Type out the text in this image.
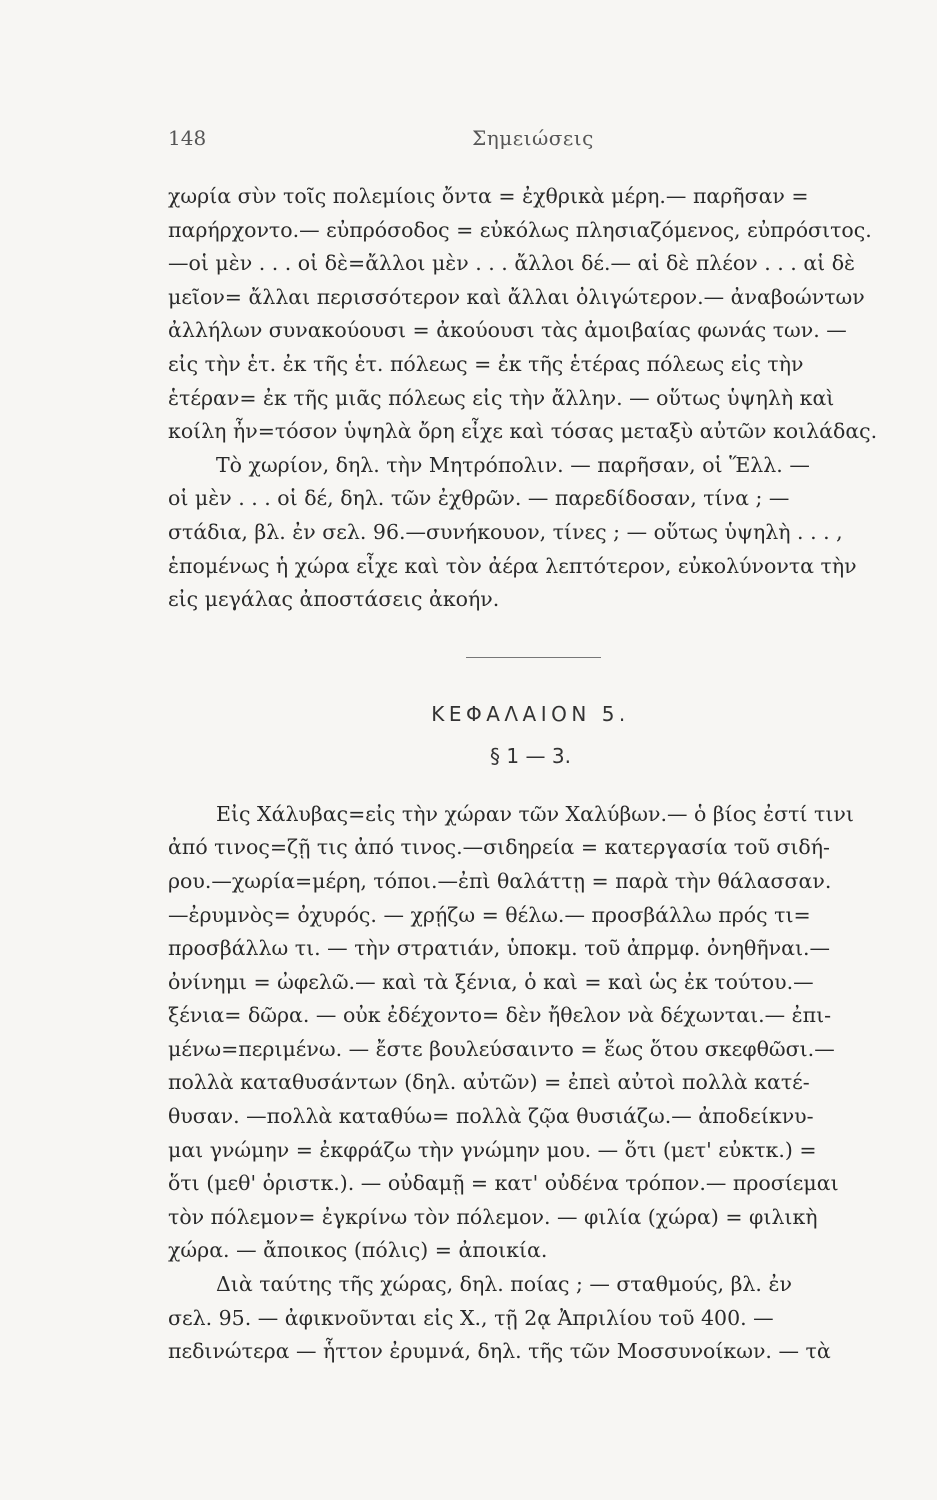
148	Σημειώσεις

χωρία σὺν τοῖς πολεμίοις ὄντα = ἐχθρικὰ μέρη.— παρῆσαν =

παρήρχοντο.— εὐπρόσοδος = εὐκόλως πλησιαζόμενος, εὐπρόσιτος.

—οἱ μὲν . . . οἱ δὲ=ἄλλοι μὲν . . . ἄλλοι δέ.— αἱ δὲ πλέον . . . αἱ δὲ

μεῖον= ἄλλαι περισσότερον καὶ ἄλλαι ὀλιγώτερον.— ἀναβοώντων

ἀλλήλων συνακούουσι = ἀκούουσι τὰς ἀμοιβαίας φωνάς των. —

εἰς τὴν ἑτ. ἐκ τῆς ἑτ. πόλεως = ἐκ τῆς ἑτέρας πόλεως εἰς τὴν

ἑτέραν= ἐκ τῆς μιᾶς πόλεως εἰς τὴν ἄλλην. — οὕτως ὑψηλὴ καὶ

κοίλη ἦν=τόσον ὑψηλὰ ὄρη εἶχε καὶ τόσας μεταξὺ αὐτῶν κοιλάδας.

Τὸ χωρίον, δηλ. τὴν Μητρόπολιν. — παρῆσαν, οἱ Ἕλλ. —

οἱ μὲν . . . οἱ δέ, δηλ. τῶν ἐχθρῶν. — παρεδίδοσαν, τίνα ; —

στάδια, βλ. ἐν σελ. 96.—συνήκουον, τίνες ; — οὕτως ὑψηλὴ . . . ,

ἑπομένως ἡ χώρα εἶχε καὶ τὸν ἀέρα λεπτότερον, εὐκολύνοντα τὴν

εἰς μεγάλας ἀποστάσεις ἀκοήν.

ΚΕΦΑΛΑΙΟΝ 5.
§ 1 — 3.

Εἰς Χάλυβας=εἰς τὴν χώραν τῶν Χαλύβων.— ὁ βίος ἐστί τινι

ἀπό τινος=ζῇ τις ἀπό τινος.—σιδηρεία = κατεργασία τοῦ σιδή-

ρου.—χωρία=μέρη, τόποι.—ἐπὶ θαλάττῃ = παρὰ τὴν θάλασσαν.

—ἐρυμνὸς= ὀχυρός. — χρῄζω = θέλω.— προσβάλλω πρός τι=

προσβάλλω τι. — τὴν στρατιάν, ὑποκμ. τοῦ ἀπρμφ. ὀνηθῆναι.—

ὀνίνημι = ὠφελῶ.— καὶ τὰ ξένια, ὁ καὶ = καὶ ὡς ἐκ τούτου.—

ξένια= δῶρα. — οὐκ ἐδέχοντο= δὲν ἤθελον νὰ δέχωνται.— ἐπι-

μένω=περιμένω. — ἔστε βουλεύσαιντο = ἕως ὅτου σκεφθῶσι.—

πολλὰ καταθυσάντων (δηλ. αὐτῶν) = ἐπεὶ αὐτοὶ πολλὰ κατέ-

θυσαν. —πολλὰ καταθύω= πολλὰ ζῷα θυσιάζω.— ἀποδείκνυ-

μαι γνώμην = ἐκφράζω τὴν γνώμην μου. — ὅτι (μετ' εὐκτκ.) =

ὅτι (μεθ' ὁριστκ.). — οὐδαμῇ = κατ' οὐδένα τρόπον.— προσίεμαι

τὸν πόλεμον= ἐγκρίνω τὸν πόλεμον. — φιλία (χώρα) = φιλικὴ

χώρα. — ἄποικος (πόλις) = ἀποικία.

Διὰ ταύτης τῆς χώρας, δηλ. ποίας ; — σταθμούς, βλ. ἐν

σελ. 95. — ἀφικνοῦνται εἰς Χ., τῇ 2ᾳ Ἀπριλίου τοῦ 400. —

πεδινώτερα — ἧττον ἐρυμνά, δηλ. τῆς τῶν Μοσσυνοίκων. — τὰ
